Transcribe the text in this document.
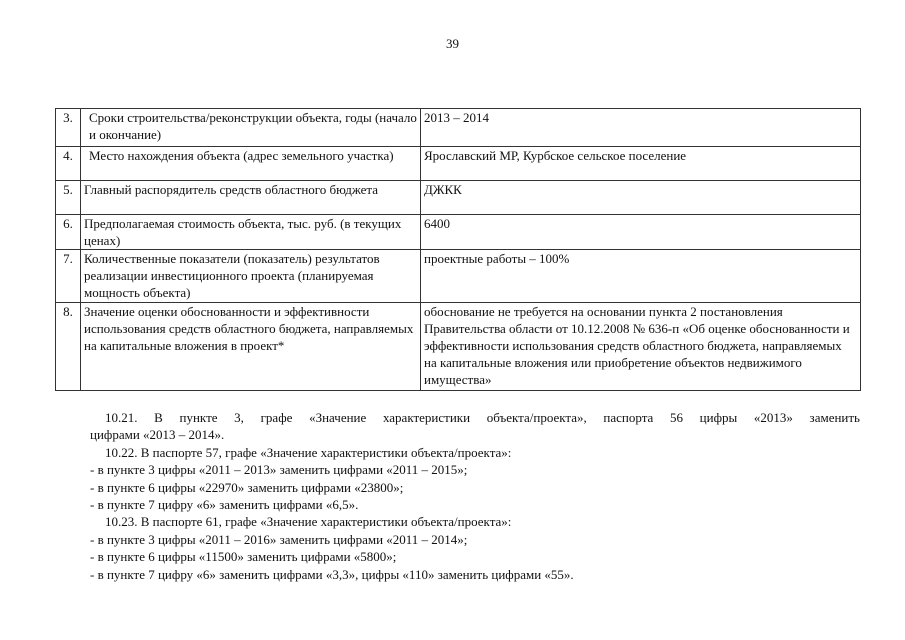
39
3.	Сроки строительства/реконструкции объекта, годы (начало и окончание)	2013 – 2014
4.	Место нахождения объекта (адрес земельного участка)	Ярославский МР, Курбское сельское поселение
5.	Главный распорядитель средств областного бюджета	ДЖКК
6.	Предполагаемая стоимость объекта, тыс. руб. (в текущих ценах)	6400
7.	Количественные показатели (показатель) результатов реализации инвестиционного проекта (планируемая мощность объекта)	проектные работы – 100%
8.	Значение оценки обоснованности и эффективности использования средств областного бюджета, направляемых на капитальные вложения в проект*	обоснование не требуется на основании пункта 2 постановления Правительства области от 10.12.2008 № 636-п «Об оценке обоснованности и эффективности использования средств областного бюджета, направляемых на капитальные вложения или приобретение объектов недвижимого имущества»

10.21. В пункте 3, графе «Значение характеристики объекта/проекта», паспорта 56 цифры «2013» заменить

цифрами «2013 – 2014».

10.22. В паспорте 57, графе «Значение характеристики объекта/проекта»:

- в пункте 3 цифры «2011 – 2013» заменить цифрами «2011 – 2015»;

- в пункте 6 цифры «22970» заменить цифрами «23800»;

- в пункте 7 цифру «6» заменить цифрами «6,5».

10.23. В паспорте 61, графе «Значение характеристики объекта/проекта»:

- в пункте 3 цифры «2011 – 2016» заменить цифрами «2011 – 2014»;

- в пункте 6 цифры «11500» заменить цифрами «5800»;

- в пункте 7 цифру «6» заменить цифрами «3,3», цифры «110» заменить цифрами «55».
